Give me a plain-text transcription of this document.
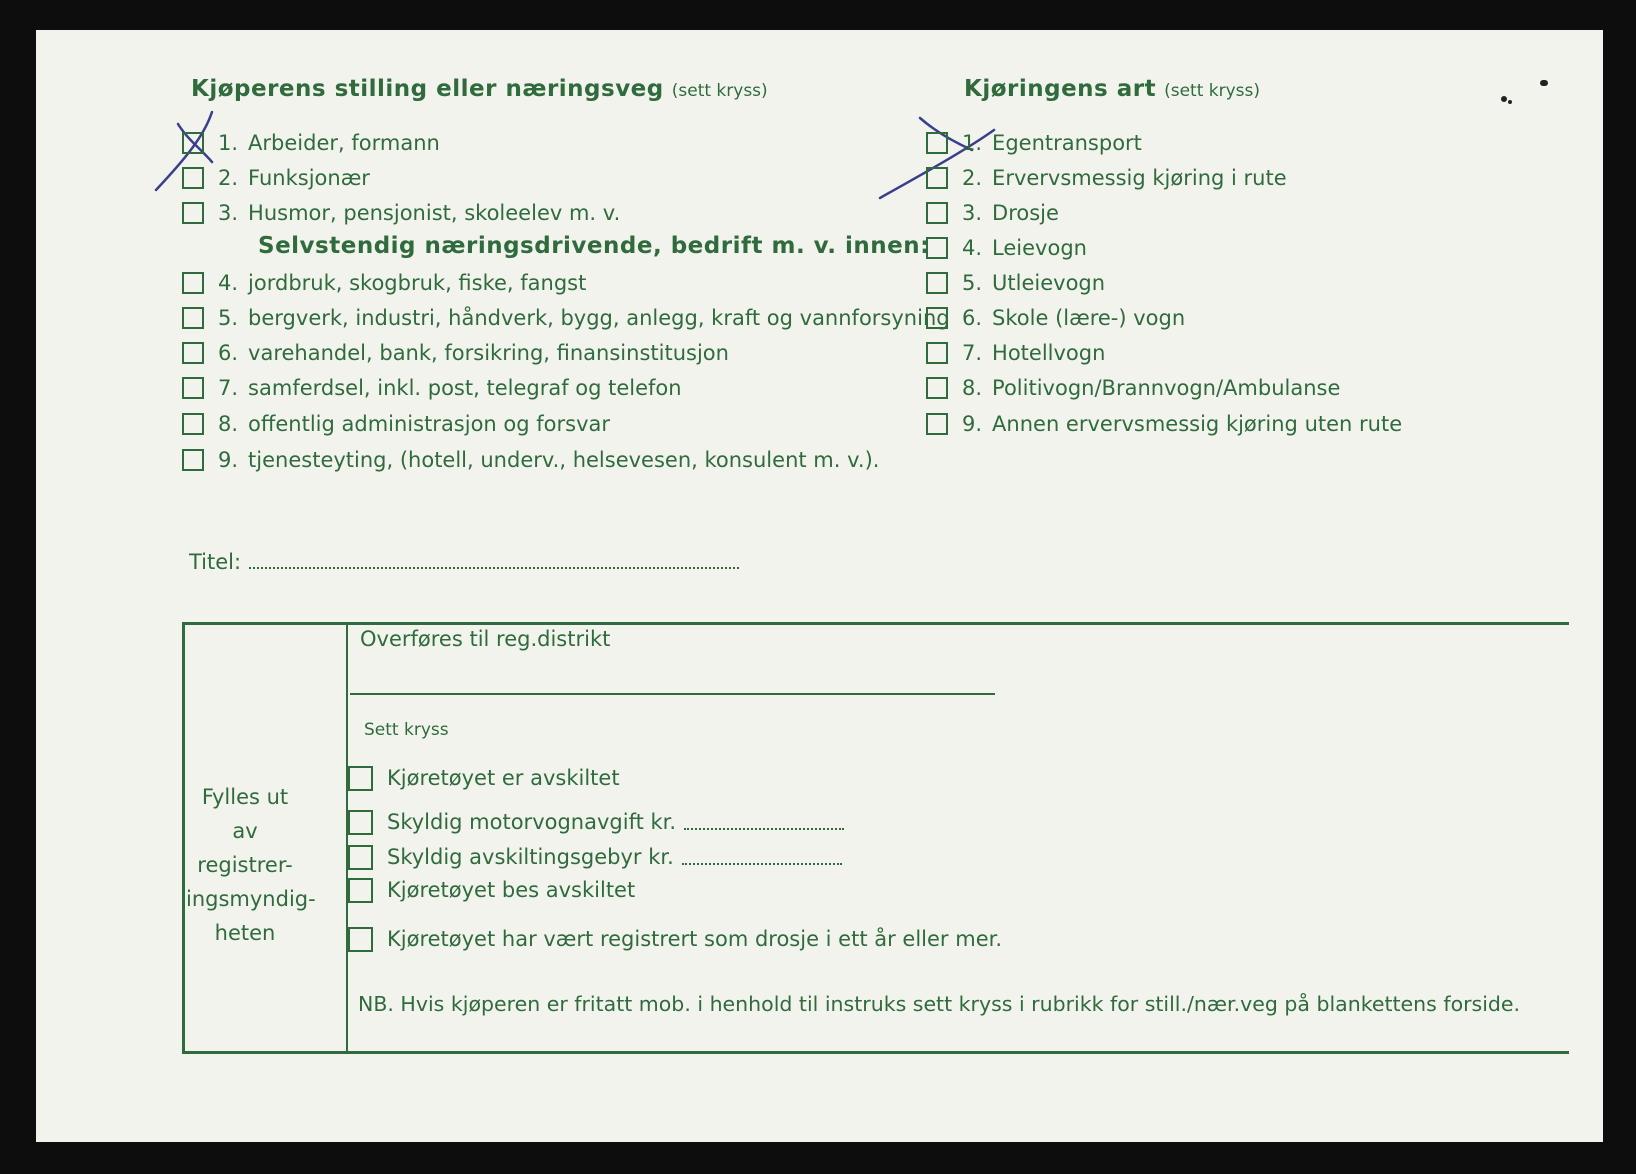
Kjøperens stilling eller næringsveg (sett kryss)
Selvstendig næringsdrivende, bedrift m. v. innen:
Titel:
Kjøringens art (sett kryss)
Fylles ut
av registrer-
ingsmyndig-
heten
Overføres til reg.distrikt
Sett kryss
NB. Hvis kjøperen er fritatt mob. i henhold til instruks sett kryss i rubrikk for still./nær.veg på blankettens forside.
1. Arbeider, formann
2. Funksjonær
3. Husmor, pensjonist, skoleelev m. v.
4. jordbruk, skogbruk, fiske, fangst
5. bergverk, industri, håndverk, bygg, anlegg, kraft og vannforsyning
6. varehandel, bank, forsikring, finansinstitusjon
7. samferdsel, inkl. post, telegraf og telefon
8. offentlig administrasjon og forsvar
9. tjenesteyting, (hotell, underv., helsevesen, konsulent m. v.).
1. Egentransport
2. Ervervsmessig kjøring i rute
3. Drosje
4. Leievogn
5. Utleievogn
6. Skole (lære-) vogn
7. Hotellvogn
8. Politivogn/Brannvogn/Ambulanse
9. Annen ervervsmessig kjøring uten rute
Kjøretøyet er avskiltet
Skyldig motorvognavgift kr.
Skyldig avskiltingsgebyr kr.
Kjøretøyet bes avskiltet
Kjøretøyet har vært registrert som drosje i ett år eller mer.
